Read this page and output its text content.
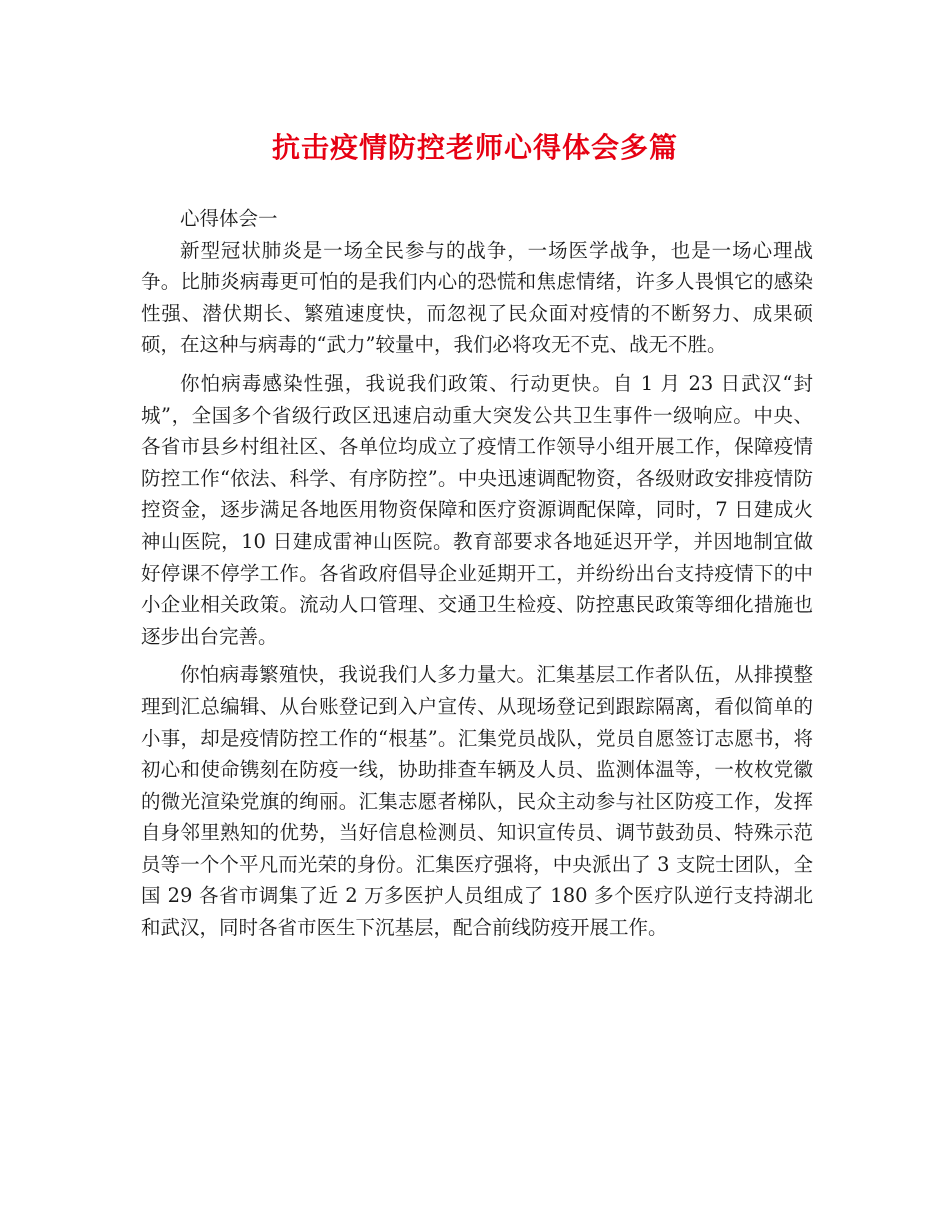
抗击疫情防控老师心得体会多篇

心得体会一

新型冠状肺炎是一场全民参与的战争，一场医学战争，也是一场心理战争。比肺炎病毒更可怕的是我们内心的恐慌和焦虑情绪，许多人畏惧它的感染性强、潜伏期长、繁殖速度快，而忽视了民众面对疫情的不断努力、成果硕硕，在这种与病毒的“武力”较量中，我们必将攻无不克、战无不胜。

你怕病毒感染性强，我说我们政策、行动更快。自 1 月 23 日武汉“封城”，全国多个省级行政区迅速启动重大突发公共卫生事件一级响应。中央、各省市县乡村组社区、各单位均成立了疫情工作领导小组开展工作，保障疫情防控工作“依法、科学、有序防控”。中央迅速调配物资，各级财政安排疫情防控资金，逐步满足各地医用物资保障和医疗资源调配保障，同时，7 日建成火神山医院，10 日建成雷神山医院。教育部要求各地延迟开学，并因地制宜做好停课不停学工作。各省政府倡导企业延期开工，并纷纷出台支持疫情下的中小企业相关政策。流动人口管理、交通卫生检疫、防控惠民政策等细化措施也逐步出台完善。

你怕病毒繁殖快，我说我们人多力量大。汇集基层工作者队伍，从排摸整理到汇总编辑、从台账登记到入户宣传、从现场登记到跟踪隔离，看似简单的小事，却是疫情防控工作的“根基”。汇集党员战队，党员自愿签订志愿书，将初心和使命镌刻在防疫一线，协助排查车辆及人员、监测体温等，一枚枚党徽的微光渲染党旗的绚丽。汇集志愿者梯队，民众主动参与社区防疫工作，发挥自身邻里熟知的优势，当好信息检测员、知识宣传员、调节鼓劲员、特殊示范员等一个个平凡而光荣的身份。汇集医疗强将，中央派出了 3 支院士团队，全国 29 各省市调集了近 2 万多医护人员组成了 180 多个医疗队逆行支持湖北和武汉，同时各省市医生下沉基层，配合前线防疫开展工作。
